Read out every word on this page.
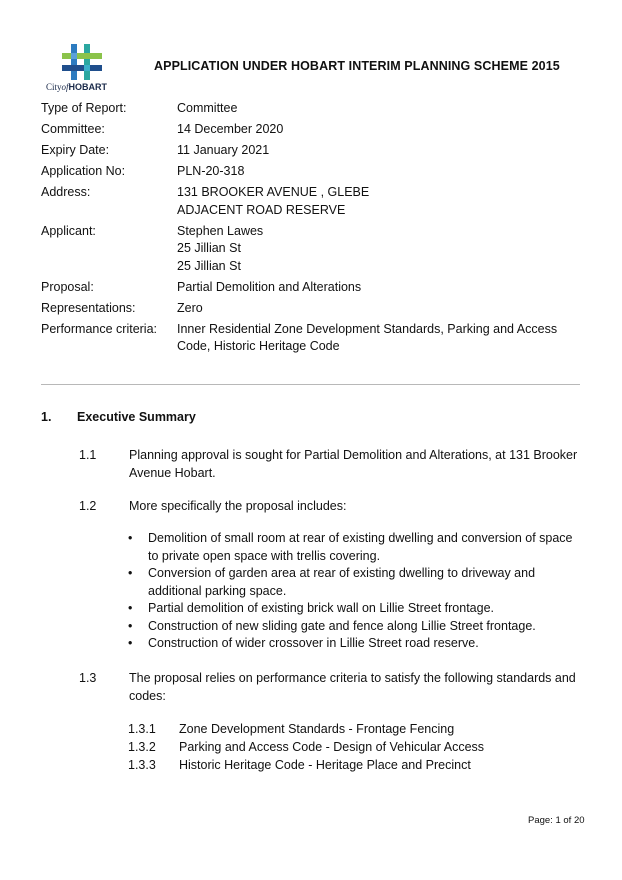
CityofHOBART
APPLICATION UNDER HOBART INTERIM PLANNING SCHEME 2015
Type of Report:	Committee
Committee:	14 December 2020
Expiry Date:	11 January 2021
Application No:	PLN-20-318
Address:	131 BROOKER AVENUE , GLEBE
ADJACENT ROAD RESERVE
Applicant:	Stephen Lawes
25 Jillian St
25 Jillian St
Proposal:	Partial Demolition and Alterations
Representations:	Zero
Performance criteria:	Inner Residential Zone Development Standards, Parking and Access Code, Historic Heritage Code
1. Executive Summary
1.1	Planning approval is sought for Partial Demolition and Alterations, at 131 Brooker Avenue Hobart.
1.2	More specifically the proposal includes:
• Demolition of small room at rear of existing dwelling and conversion of space to private open space with trellis covering.
• Conversion of garden area at rear of existing dwelling to driveway and additional parking space.
• Partial demolition of existing brick wall on Lillie Street frontage.
• Construction of new sliding gate and fence along Lillie Street frontage.
• Construction of wider crossover in Lillie Street road reserve.
1.3	The proposal relies on performance criteria to satisfy the following standards and codes:
1.3.1	Zone Development Standards - Frontage Fencing
1.3.2	Parking and Access Code - Design of Vehicular Access
1.3.3	Historic Heritage Code - Heritage Place and Precinct
Page: 1 of 20
